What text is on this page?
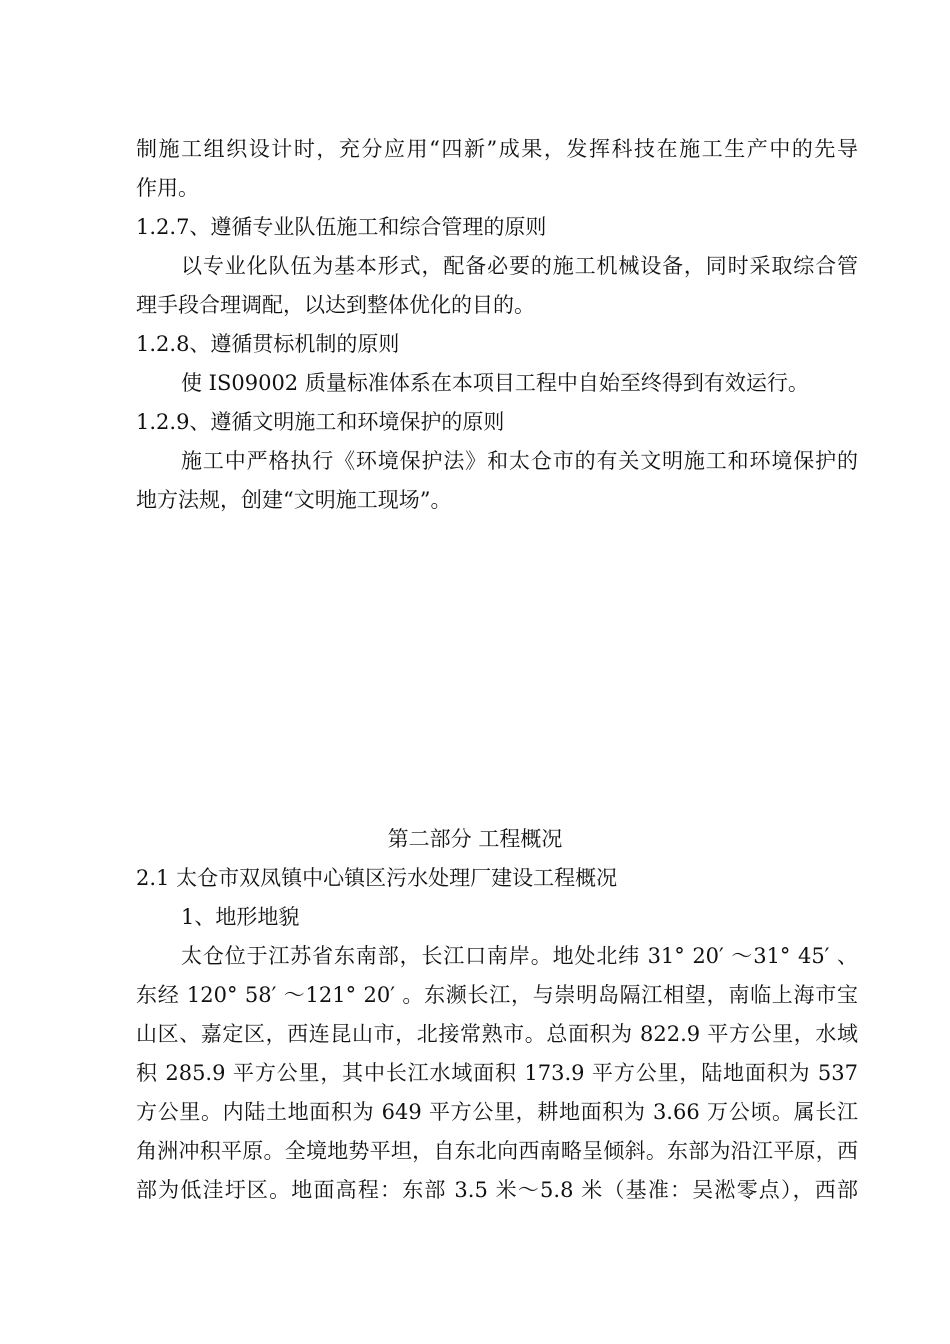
制施工组织设计时，充分应用“四新”成果，发挥科技在施工生产中的先导

作用。

1.2.7、遵循专业队伍施工和综合管理的原则

以专业化队伍为基本形式，配备必要的施工机械设备，同时采取综合管

理手段合理调配，以达到整体优化的目的。

1.2.8、遵循贯标机制的原则

使 IS09002 质量标准体系在本项目工程中自始至终得到有效运行。

1.2.9、遵循文明施工和环境保护的原则

施工中严格执行《环境保护法》和太仓市的有关文明施工和环境保护的

地方法规，创建“文明施工现场”。

第二部分 工程概况

2.1 太仓市双凤镇中心镇区污水处理厂建设工程概况

1、地形地貌

太仓位于江苏省东南部，长江口南岸。地处北纬 31° 20′ ～31° 45′ 、

东经 120° 58′ ～121° 20′ 。东濒长江，与崇明岛隔江相望，南临上海市宝

山区、嘉定区，西连昆山市，北接常熟市。总面积为 822.9 平方公里，水域

积 285.9 平方公里，其中长江水域面积 173.9 平方公里，陆地面积为 537

方公里。内陆土地面积为 649 平方公里，耕地面积为 3.66 万公顷。属长江

角洲冲积平原。全境地势平坦，自东北向西南略呈倾斜。东部为沿江平原，西

部为低洼圩区。地面高程：东部 3.5 米～5.8 米（基准：吴淞零点），西部
